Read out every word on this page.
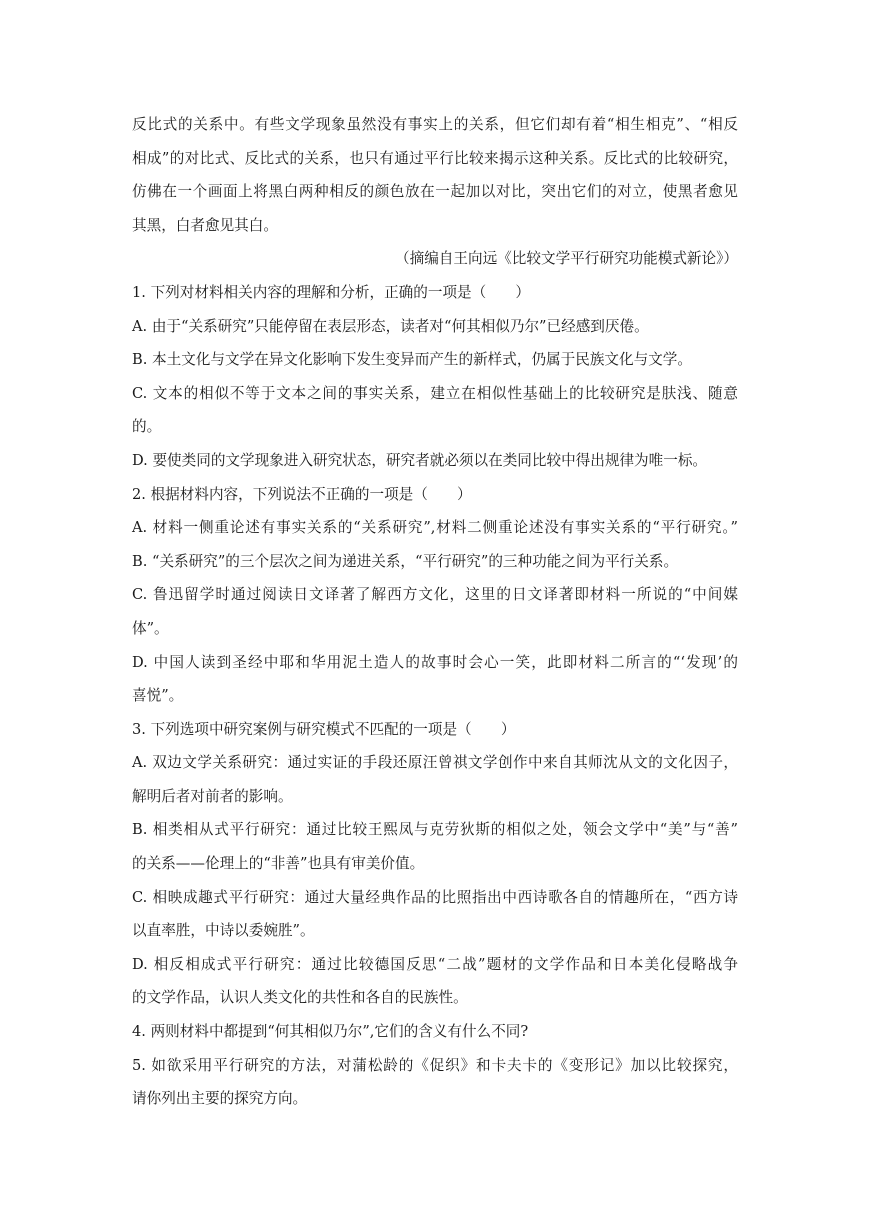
反比式的关系中。有些文学现象虽然没有事实上的关系，但它们却有着“相生相克”、“相反
相成”的对比式、反比式的关系，也只有通过平行比较来揭示这种关系。反比式的比较研究，
仿佛在一个画面上将黑白两种相反的颜色放在一起加以对比，突出它们的对立，使黑者愈见
其黑，白者愈见其白。
（摘编自王向远《比较文学平行研究功能模式新论》）
1. 下列对材料相关内容的理解和分析，正确的一项是（　　）
A. 由于“关系研究”只能停留在表层形态，读者对“何其相似乃尔”已经感到厌倦。
B. 本土文化与文学在异文化影响下发生变异而产生的新样式，仍属于民族文化与文学。
C. 文本的相似不等于文本之间的事实关系，建立在相似性基础上的比较研究是肤浅、随意
的。
D. 要使类同的文学现象进入研究状态，研究者就必须以在类同比较中得出规律为唯一标。
2. 根据材料内容，下列说法不正确的一项是（　　）
A. 材料一侧重论述有事实关系的“关系研究”,材料二侧重论述没有事实关系的“平行研究。”
B. “关系研究”的三个层次之间为递进关系，“平行研究”的三种功能之间为平行关系。
C. 鲁迅留学时通过阅读日文译著了解西方文化，这里的日文译著即材料一所说的“中间媒
体”。
D. 中国人读到圣经中耶和华用泥土造人的故事时会心一笑，此即材料二所言的“‘发现’的
喜悦”。
3. 下列选项中研究案例与研究模式不匹配的一项是（　　）
A. 双边文学关系研究：通过实证的手段还原汪曾祺文学创作中来自其师沈从文的文化因子，
解明后者对前者的影响。
B. 相类相从式平行研究：通过比较王熙凤与克劳狄斯的相似之处，领会文学中“美”与“善”
的关系——伦理上的“非善”也具有审美价值。
C. 相映成趣式平行研究：通过大量经典作品的比照指出中西诗歌各自的情趣所在，“西方诗
以直率胜，中诗以委婉胜”。
D. 相反相成式平行研究：通过比较德国反思“二战”题材的文学作品和日本美化侵略战争
的文学作品，认识人类文化的共性和各自的民族性。
4. 两则材料中都提到“何其相似乃尔”,它们的含义有什么不同?
5. 如欲采用平行研究的方法，对蒲松龄的《促织》和卡夫卡的《变形记》加以比较探究，
请你列出主要的探究方向。
